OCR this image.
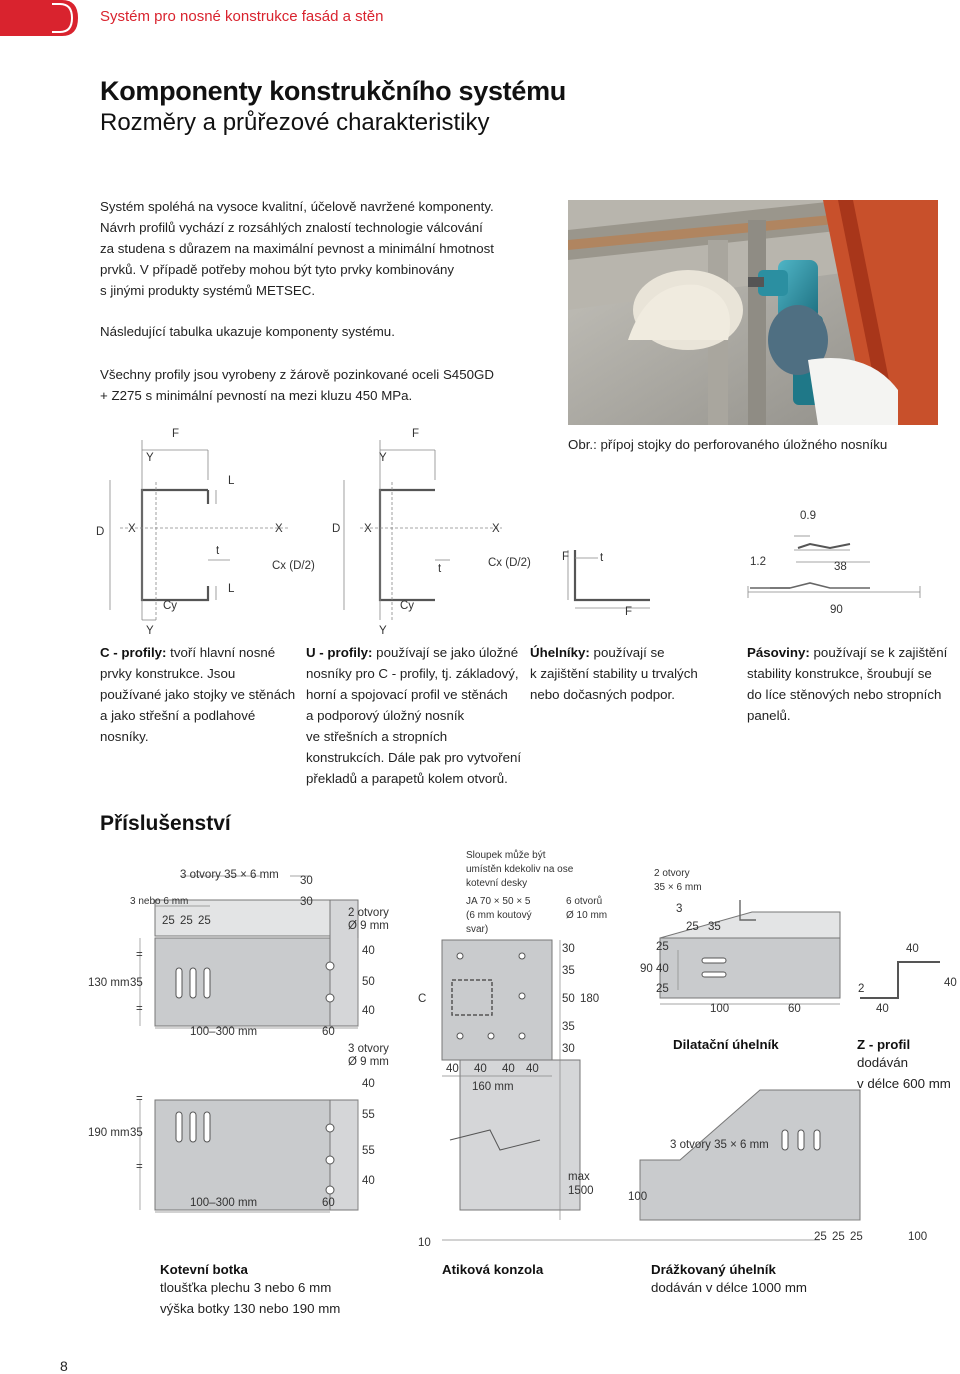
Systém pro nosné konstrukce fasád a stěn
Komponenty konstrukčního systému
Rozměry a průřezové charakteristiky
Systém spoléhá na vysoce kvalitní, účelově navržené komponenty.
Návrh profilů vychází z rozsáhlých znalostí technologie válcování
za studena s důrazem na maximální pevnost a minimální hmotnost
prvků. V případě potřeby mohou být tyto prvky kombinovány
s jinými produkty systémů METSEC.
Následující tabulka ukazuje komponenty systému.
Všechny profily jsou vyrobeny z žárově pozinkované oceli S450GD
+ Z275 s minimální pevností na mezi kluzu 450 MPa.
Obr.: přípoj stojky do perforovaného úložného nosníku
F
Y
L
D X	X
t
Cx (D/2)
L
Cy
Y
F
Y
D X	X
t	Cx (D/2)
Cy
Y
F	t
F
0.9
1.2	38
90
C - profily: tvoří hlavní nosné
prvky konstrukce. Jsou
používané jako stojky ve stěnách
a jako střešní a podlahové
nosníky.
U - profily: používají se jako úložné
nosníky pro C - profily, tj. základový,
horní a spojovací profil ve stěnách
a podporový úložný nosník
ve střešních a stropních
konstrukcích. Dále pak pro vytvoření
překladů a parapetů kolem otvorů.
Úhelníky: používají se
k zajištění stability u trvalých
nebo dočasných podpor.
Pásoviny: používají se k zajištění
stability konstrukce, šroubují se
do líce stěnových nebo stropních
panelů.
Příslušenství
3 otvory 35 × 6 mm
3 nebo 6 mm
25 25 25
30
30
2 otvory
Ø 9 mm
40
50
40
130 mm 35
=
=
100–300 mm	60
3 otvory
Ø 9 mm
40
55
55
40
190 mm 35
=
=
100–300 mm	60
Sloupek může být
umístěn kdekoliv na ose
kotevní desky
JA 70 × 50 × 5
(6 mm koutový
svar)
6 otvorů
Ø 10 mm
C
30
35
50 180
35
30
40 40 40 40
160 mm
max
1500
10
2 otvory
35 × 6 mm
3
25 35
25
90 40
25
100	60
40
40
2
40
3 otvory 35 × 6 mm
100
25 25 25	100
Kotevní botka
tloušťka plechu 3 nebo 6 mm
výška botky 130 nebo 190 mm
Atiková konzola	Drážkovaný úhelník
dodáván v délce 1000 mm
Dilatační úhelník	Z - profil
dodáván
v délce 600 mm
8
